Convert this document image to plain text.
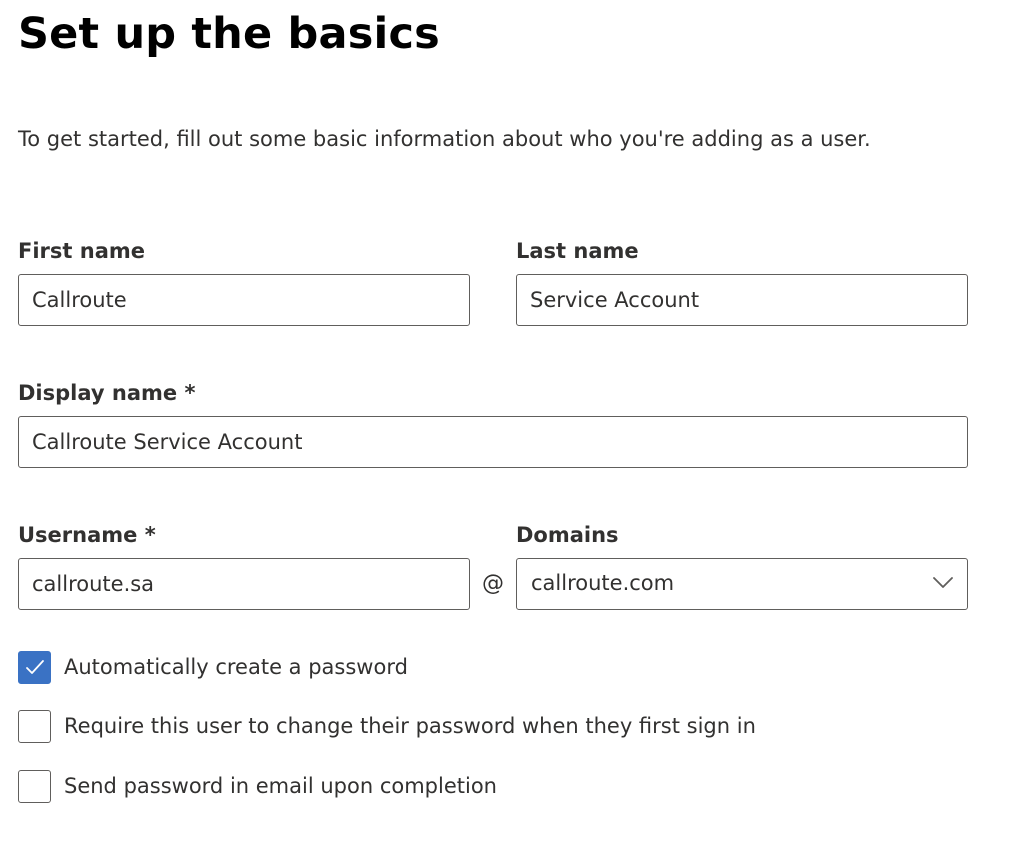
Set up the basics
To get started, fill out some basic information about who you're adding as a user.
First name
Callroute	Last name
Service Account
Display name *
Callroute Service Account
Username *
callroute.sa
@
Domains
callroute.com
Automatically create a password
Require this user to change their password when they first sign in
Send password in email upon completion
